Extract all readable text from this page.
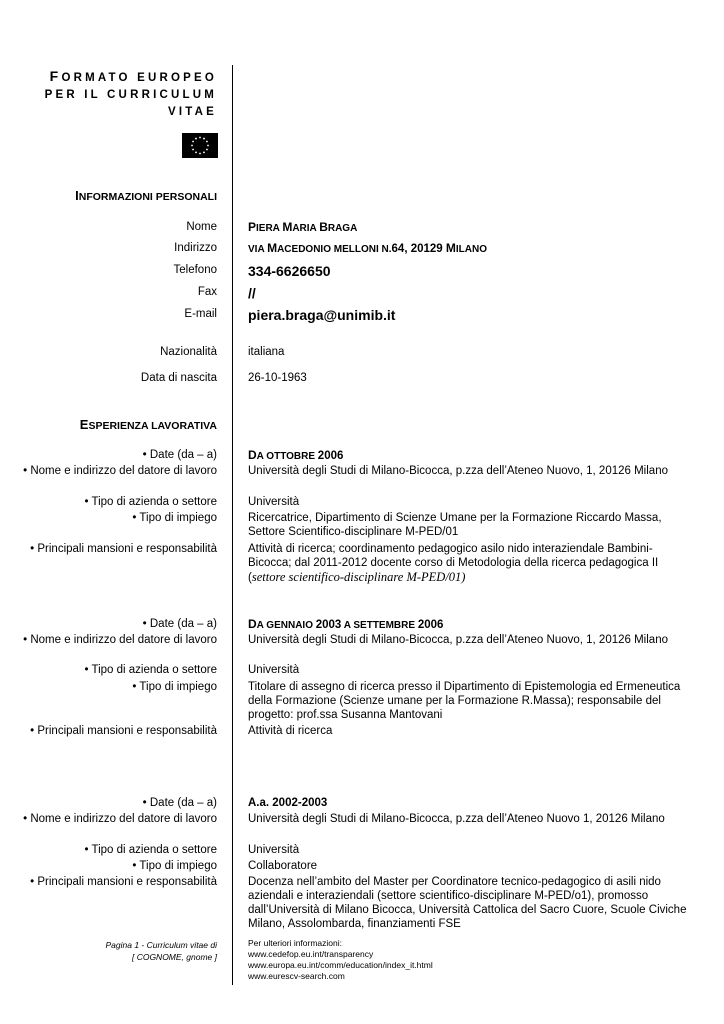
FORMATO EUROPEO
PER IL CURRICULUM
VITAE
INFORMAZIONI PERSONALI
Nome	PIERA MARIA BRAGA
Indirizzo	VIA MACEDONIO MELLONI N.64, 20129 MILANO
Telefono 334-6626650
Fax //
E-mail piera.braga@unimib.it
Nazionalità	italiana
Data di nascita	26-10-1963
ESPERIENZA LAVORATIVA
• Date (da – a)	DA OTTOBRE 2006
• Nome e indirizzo del datore di lavoro	Università degli Studi di Milano-Bicocca, p.zza dell’Ateneo Nuovo, 1, 20126 Milano
• Tipo di azienda o settore	Università
• Tipo di impiego	Ricercatrice, Dipartimento di Scienze Umane per la Formazione Riccardo Massa, Settore Scientifico-disciplinare M-PED/01
• Principali mansioni e responsabilità	Attività di ricerca; coordinamento pedagogico asilo nido interaziendale Bambini-Bicocca; dal 2011-2012 docente corso di Metodologia della ricerca pedagogica II (settore scientifico-disciplinare M-PED/01)
• Date (da – a)	DA GENNAIO 2003 A SETTEMBRE 2006
• Nome e indirizzo del datore di lavoro	Università degli Studi di Milano-Bicocca, p.zza dell’Ateneo Nuovo, 1, 20126 Milano
• Tipo di azienda o settore	Università
• Tipo di impiego	Titolare di assegno di ricerca presso il Dipartimento di Epistemologia ed Ermeneutica della Formazione (Scienze umane per la Formazione R.Massa); responsabile del progetto: prof.ssa Susanna Mantovani
• Principali mansioni e responsabilità	Attività di ricerca
• Date (da – a)	A.a. 2002-2003
• Nome e indirizzo del datore di lavoro	Università degli Studi di Milano-Bicocca, p.zza dell’Ateneo Nuovo 1, 20126 Milano
• Tipo di azienda o settore	Università
• Tipo di impiego	Collaboratore
• Principali mansioni e responsabilità	Docenza nell’ambito del Master per Coordinatore tecnico-pedagogico di asili nido aziendali e interaziendali (settore scientifico-disciplinare M-PED/o1), promosso dall’Università di Milano Bicocca, Università Cattolica del Sacro Cuore, Scuole Civiche Milano, Assolombarda, finanziamenti FSE
Pagina 1 - Curriculum vitae di
[ COGNOME, gnome ]
Per ulteriori informazioni:
www.cedefop.eu.int/transparency
www.europa.eu.int/comm/education/index_it.html
www.eurescv-search.com
